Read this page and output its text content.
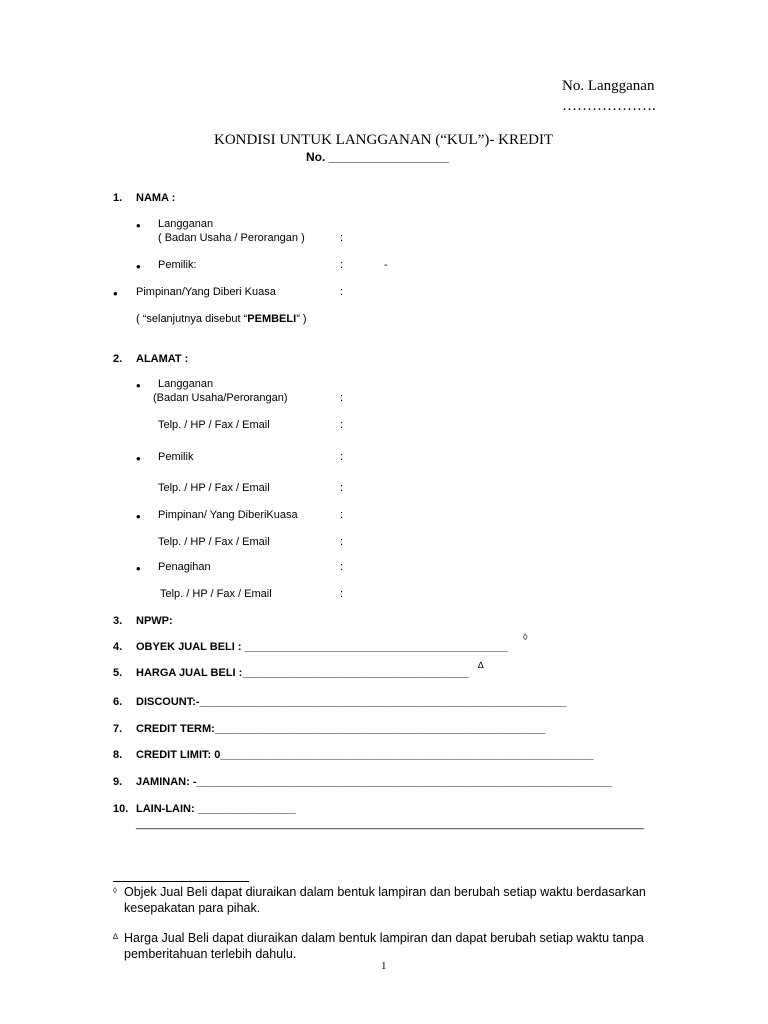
No. Langganan
……………….
KONDISI UNTUK LANGGANAN (“KUL”)- KREDIT
No. __________________
1. NAMA :
• Langganan
( Badan Usaha / Perorangan )	:
• Pemilik:	:	-
• Pimpinan/Yang Diberi Kuasa	:
( “selanjutnya disebut “PEMBELI” )
2. ALAMAT :
• Langganan
(Badan Usaha/Perorangan)	:
Telp. / HP / Fax / Email	:
• Pemilik	:
Telp. / HP / Fax / Email	:
• Pimpinan/ Yang DiberiKuasa	:
Telp. / HP / Fax / Email	:
• Penagihan	:
Telp. / HP / Fax / Email	:
3. NPWP:
4. OBYEK JUAL BELI : ___________________________________________
◊
5. HARGA JUAL BELI :_____________________________________
∆
6. DISCOUNT:-____________________________________________________________
7. CREDIT TERM:______________________________________________________
8. CREDIT LIMIT: 0_____________________________________________________________
9. JAMINAN: -____________________________________________________________________
10. LAIN-LAIN: ________________
___________________________________________________________________________________
◊ Objek Jual Beli dapat diuraikan dalam bentuk lampiran dan berubah setiap waktu berdasarkan
kesepakatan para pihak.
∆ Harga Jual Beli dapat diuraikan dalam bentuk lampiran dan dapat berubah setiap waktu tanpa
pemberitahuan terlebih dahulu.
1
